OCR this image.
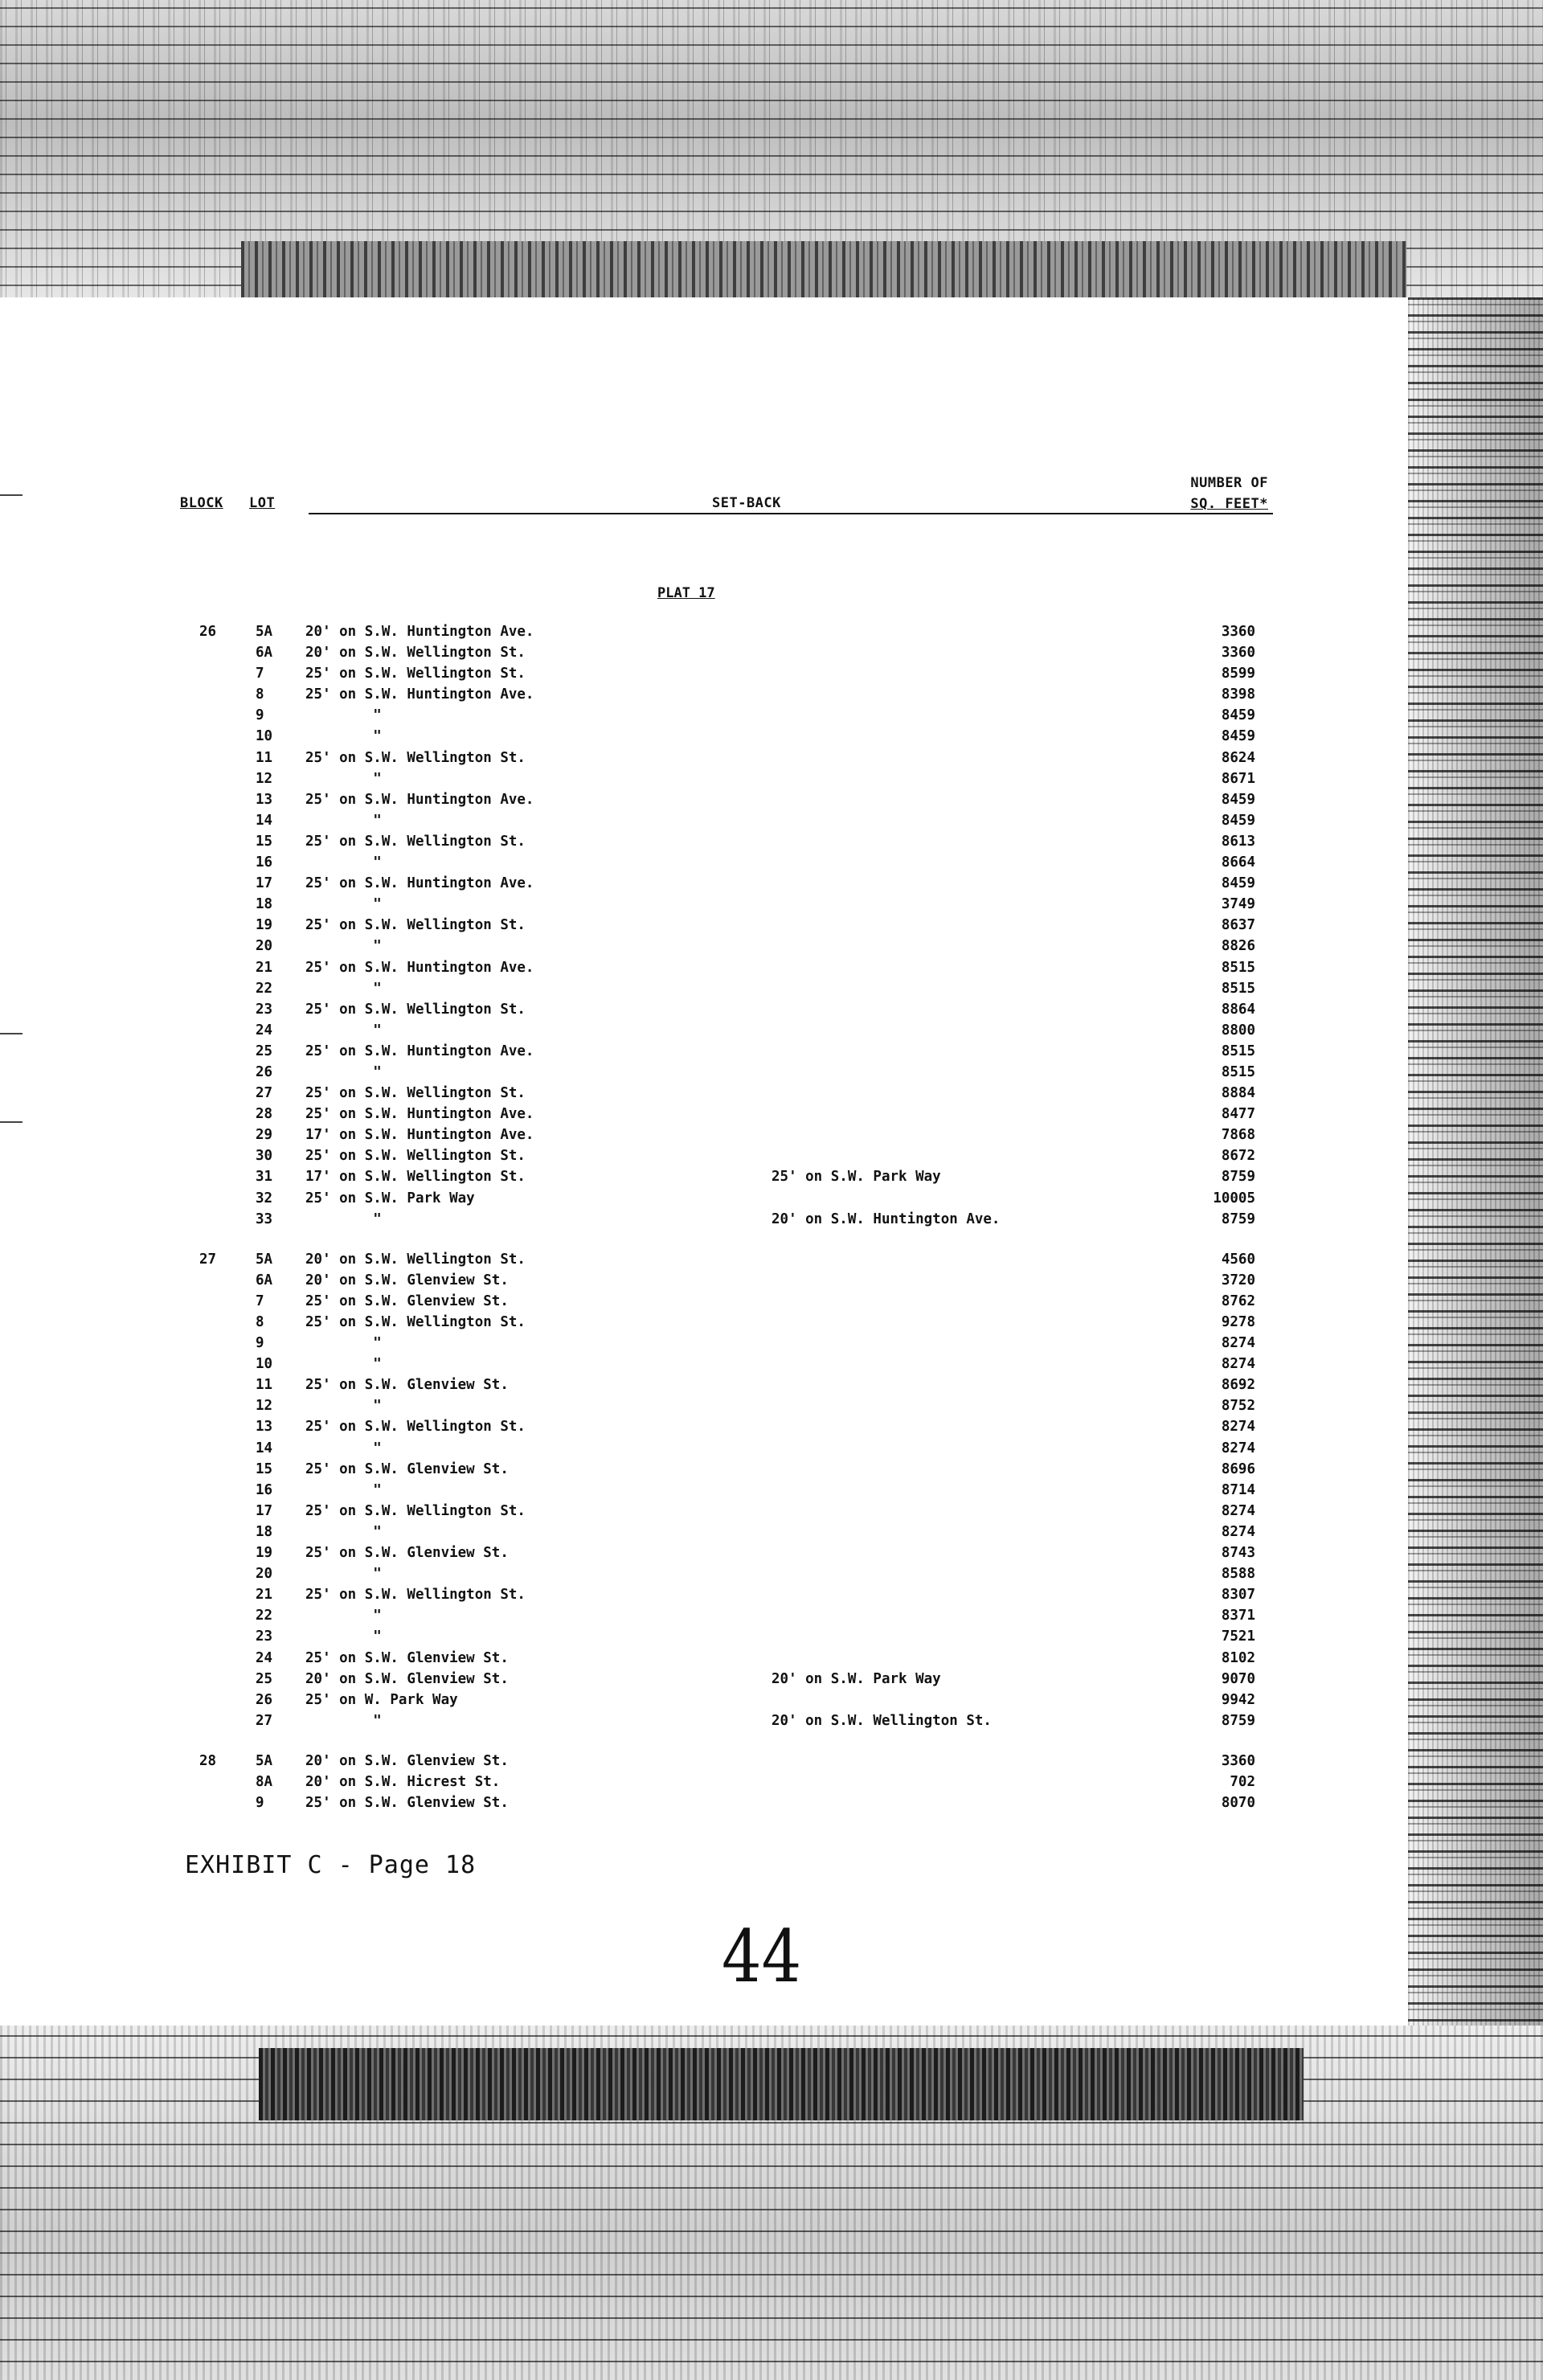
BLOCK LOT	SET-BACK
NUMBER OF
SQ. FEET*
PLAT 17
26	5A 20' on S.W. Huntington Ave.	3360
6A 20' on S.W. Wellington St.	3360
7	25' on S.W. Wellington St.	8599
8	25' on S.W. Huntington Ave.	8398
9	"	8459
10 "	8459
11 25' on S.W. Wellington St.	8624
12 "	8671
13 25' on S.W. Huntington Ave.	8459
14 "	8459
15 25' on S.W. Wellington St.	8613
16 "	8664
17 25' on S.W. Huntington Ave.	8459
18 "	3749
19 25' on S.W. Wellington St.	8637
20 "	8826
21 25' on S.W. Huntington Ave.	8515
22 "	8515
23 25' on S.W. Wellington St.	8864
24 "	8800
25 25' on S.W. Huntington Ave.	8515
26 "	8515
27 25' on S.W. Wellington St.	8884
28 25' on S.W. Huntington Ave.	8477
29 17' on S.W. Huntington Ave.	7868
30 25' on S.W. Wellington St.	8672
31 17' on S.W. Wellington St.	25' on S.W. Park Way	8759
32 25' on S.W. Park Way	10005
33 "	20' on S.W. Huntington Ave.	8759
27	5A 20' on S.W. Wellington St.	4560
6A 20' on S.W. Glenview St.	3720
7	25' on S.W. Glenview St.	8762
8	25' on S.W. Wellington St.	9278
9	"	8274
10 "	8274
11 25' on S.W. Glenview St.	8692
12 "	8752
13 25' on S.W. Wellington St.	8274
14 "	8274
15 25' on S.W. Glenview St.	8696
16 "	8714
17 25' on S.W. Wellington St.	8274
18 "	8274
19 25' on S.W. Glenview St.	8743
20 "	8588
21 25' on S.W. Wellington St.	8307
22 "	8371
23 "	7521
24 25' on S.W. Glenview St.	8102
25 20' on S.W. Glenview St.	20' on S.W. Park Way	9070
26 25' on W. Park Way	9942
27 "	20' on S.W. Wellington St.	8759
28	5A 20' on S.W. Glenview St.	3360
8A 20' on S.W. Hicrest St.	702
9	25' on S.W. Glenview St.	8070
EXHIBIT C - Page 18
44
